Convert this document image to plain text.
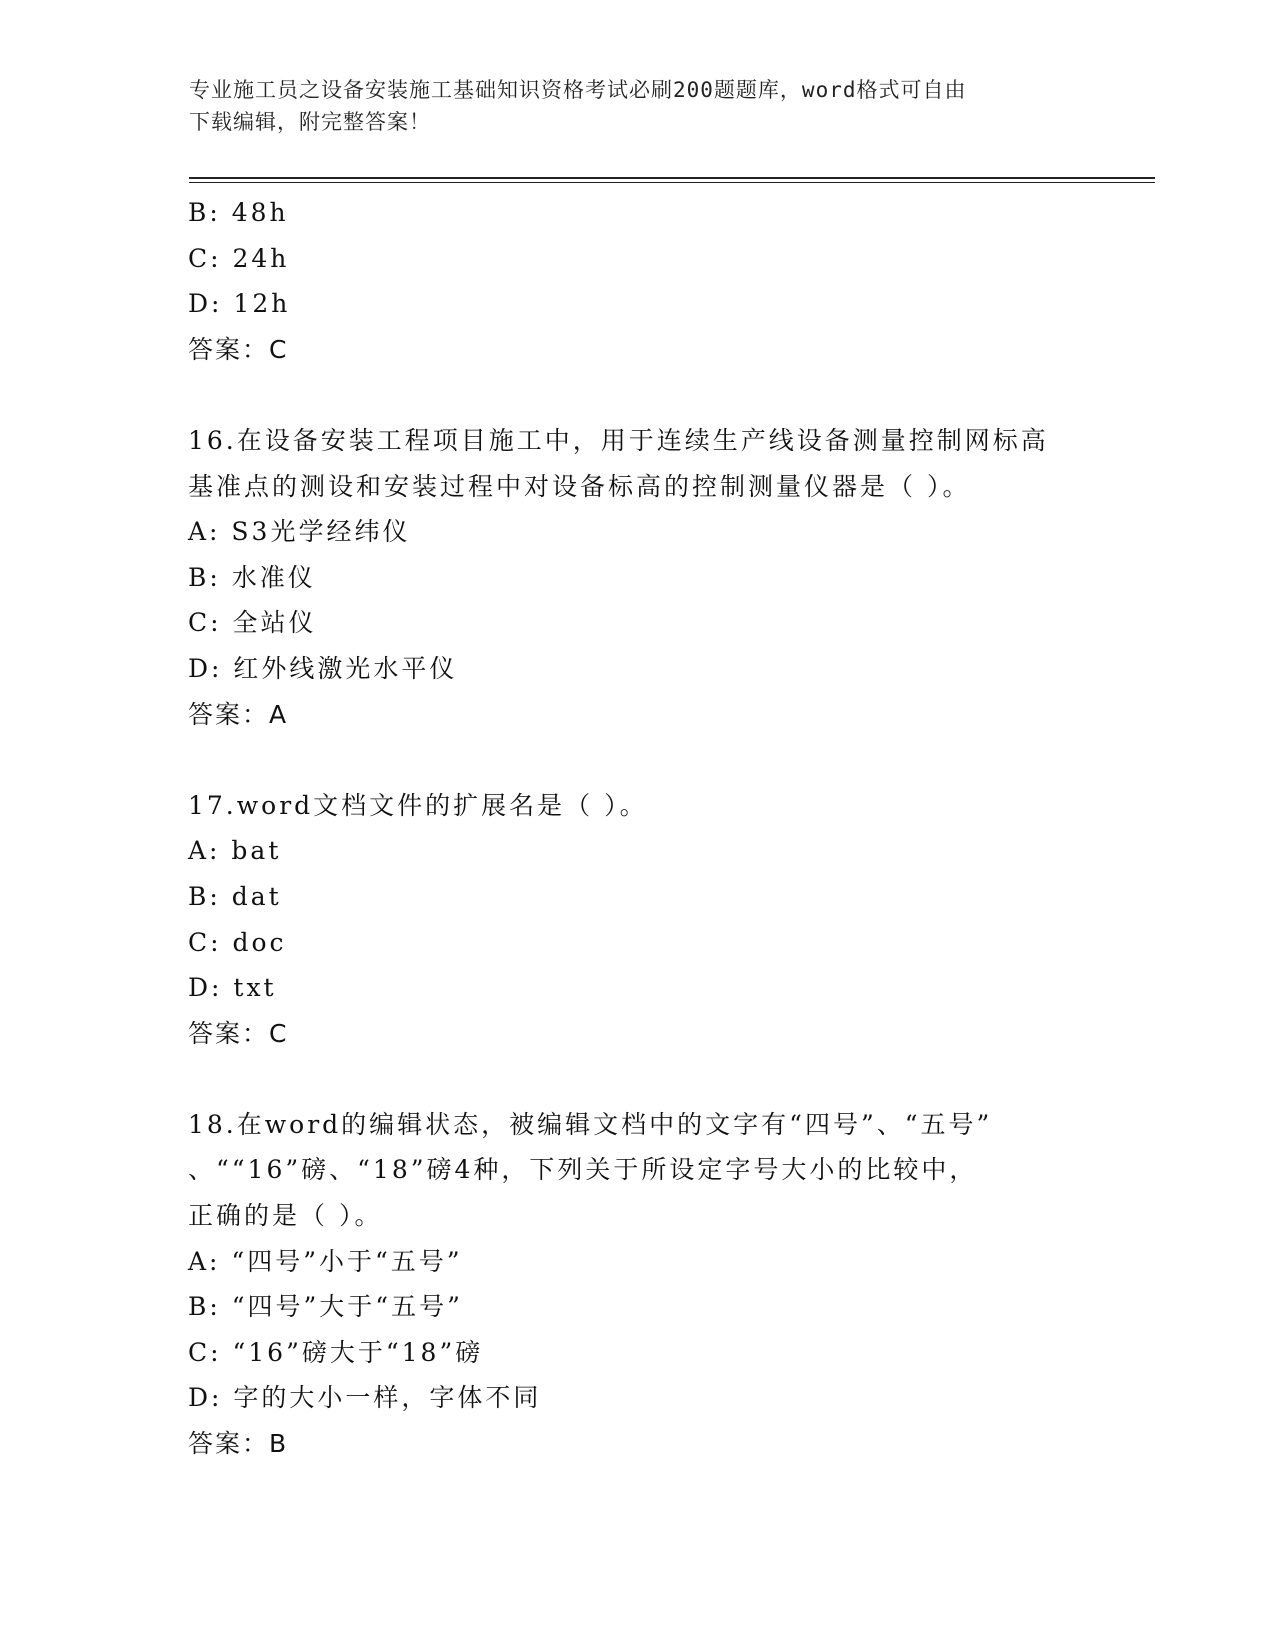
专业施工员之设备安装施工基础知识资格考试必刷200题题库，word格式可自由
下载编辑，附完整答案！
B: 48h
C: 24h
D: 12h
答案：C
16.在设备安装工程项目施工中，用于连续生产线设备测量控制网标高
基准点的测设和安装过程中对设备标高的控制测量仪器是（ ）。
A: S3光学经纬仪
B: 水准仪
C: 全站仪
D: 红外线激光水平仪
答案：A
17.word文档文件的扩展名是（ ）。
A: bat
B: dat
C: doc
D: txt
答案：C
18.在word的编辑状态，被编辑文档中的文字有“四号”、“五号”
、““16”磅、“18”磅4种，下列关于所设定字号大小的比较中，
正确的是（ ）。
A: “四号”小于“五号”
B: “四号”大于“五号”
C: “16”磅大于“18”磅
D: 字的大小一样，字体不同
答案：B
